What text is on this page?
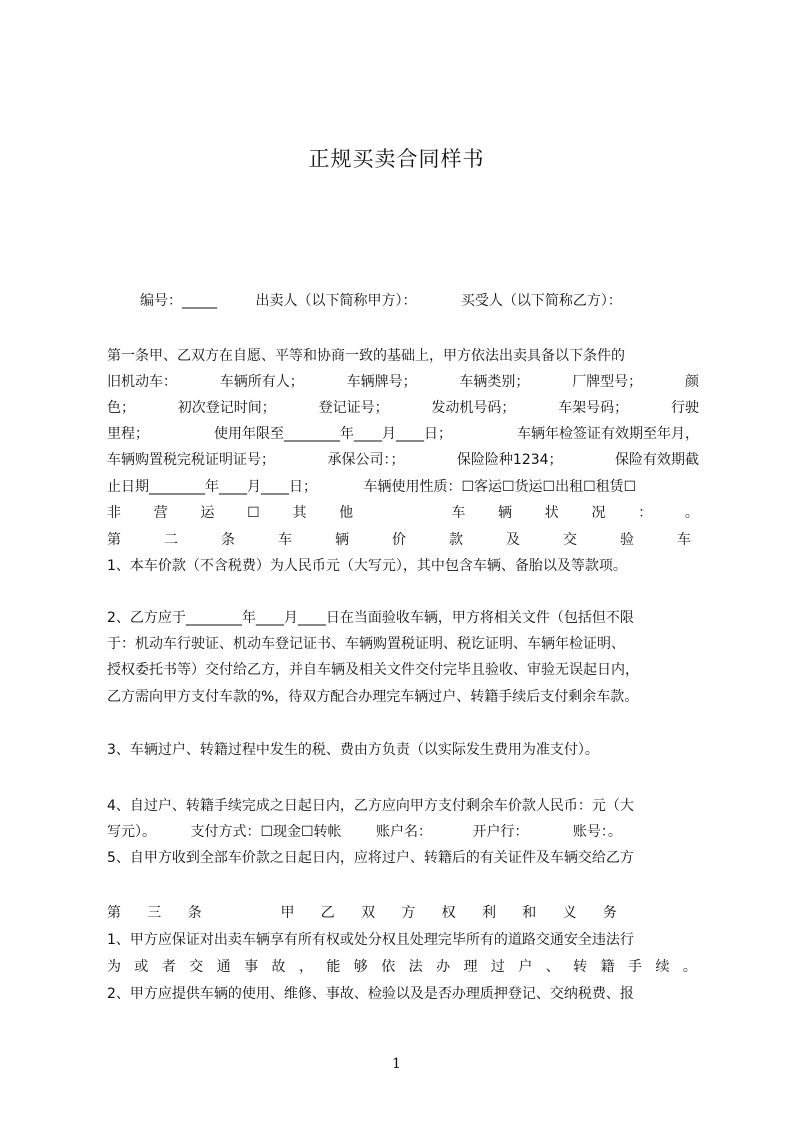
正规买卖合同样书
编号：_____	出卖人（以下简称甲方）：	买受人（以下简称乙方）：
第一条甲、乙双方在自愿、平等和协商一致的基础上，甲方依法出卖具备以下条件的
旧机动车：	车辆所有人；	车辆牌号；	车辆类别；	厂牌型号；	颜
色；	初次登记时间；	登记证号；	发动机号码；	车架号码；	行驶
里程；	使用年限至________年____月____日；	车辆年检签证有效期至年月，
车辆购置税完税证明证号；	承保公司：；	保险险种1234；	保险有效期截
止日期________年____月____日；	车辆使用性质：☐客运☐货运☐出租☐租赁☐
非 营 运 ☐ 其 他	车 辆 状 况 ： 。
第	二	条	车	辆	价	款	及	交	验	车
1、本车价款（不含税费）为人民币元（大写元），其中包含车辆、备胎以及等款项。
2、乙方应于________年____月____日在当面验收车辆，甲方将相关文件（包括但不限
于：机动车行驶证、机动车登记证书、车辆购置税证明、税讫证明、车辆年检证明、
授权委托书等）交付给乙方，并自车辆及相关文件交付完毕且验收、审验无误起日内，
乙方需向甲方支付车款的%，待双方配合办理完车辆过户、转籍手续后支付剩余车款。
3、车辆过户、转籍过程中发生的税、费由方负责（以实际发生费用为准支付）。
4、自过户、转籍手续完成之日起日内，乙方应向甲方支付剩余车价款人民币：元（大
写元）。 支付方式：☐现金☐转帐 账户名：	开户行：	账号：。
5、自甲方收到全部车价款之日起日内，应将过户、转籍后的有关证件及车辆交给乙方
第 三 条	甲 乙 双 方 权 利 和 义 务
1、甲方应保证对出卖车辆享有所有权或处分权且处理完毕所有的道路交通安全违法行
为 或 者 交 通 事 故 ， 能 够 依 法 办 理 过 户 、 转 籍 手 续 。
2、甲方应提供车辆的使用、维修、事故、检验以及是否办理质押登记、交纳税费、报
1
